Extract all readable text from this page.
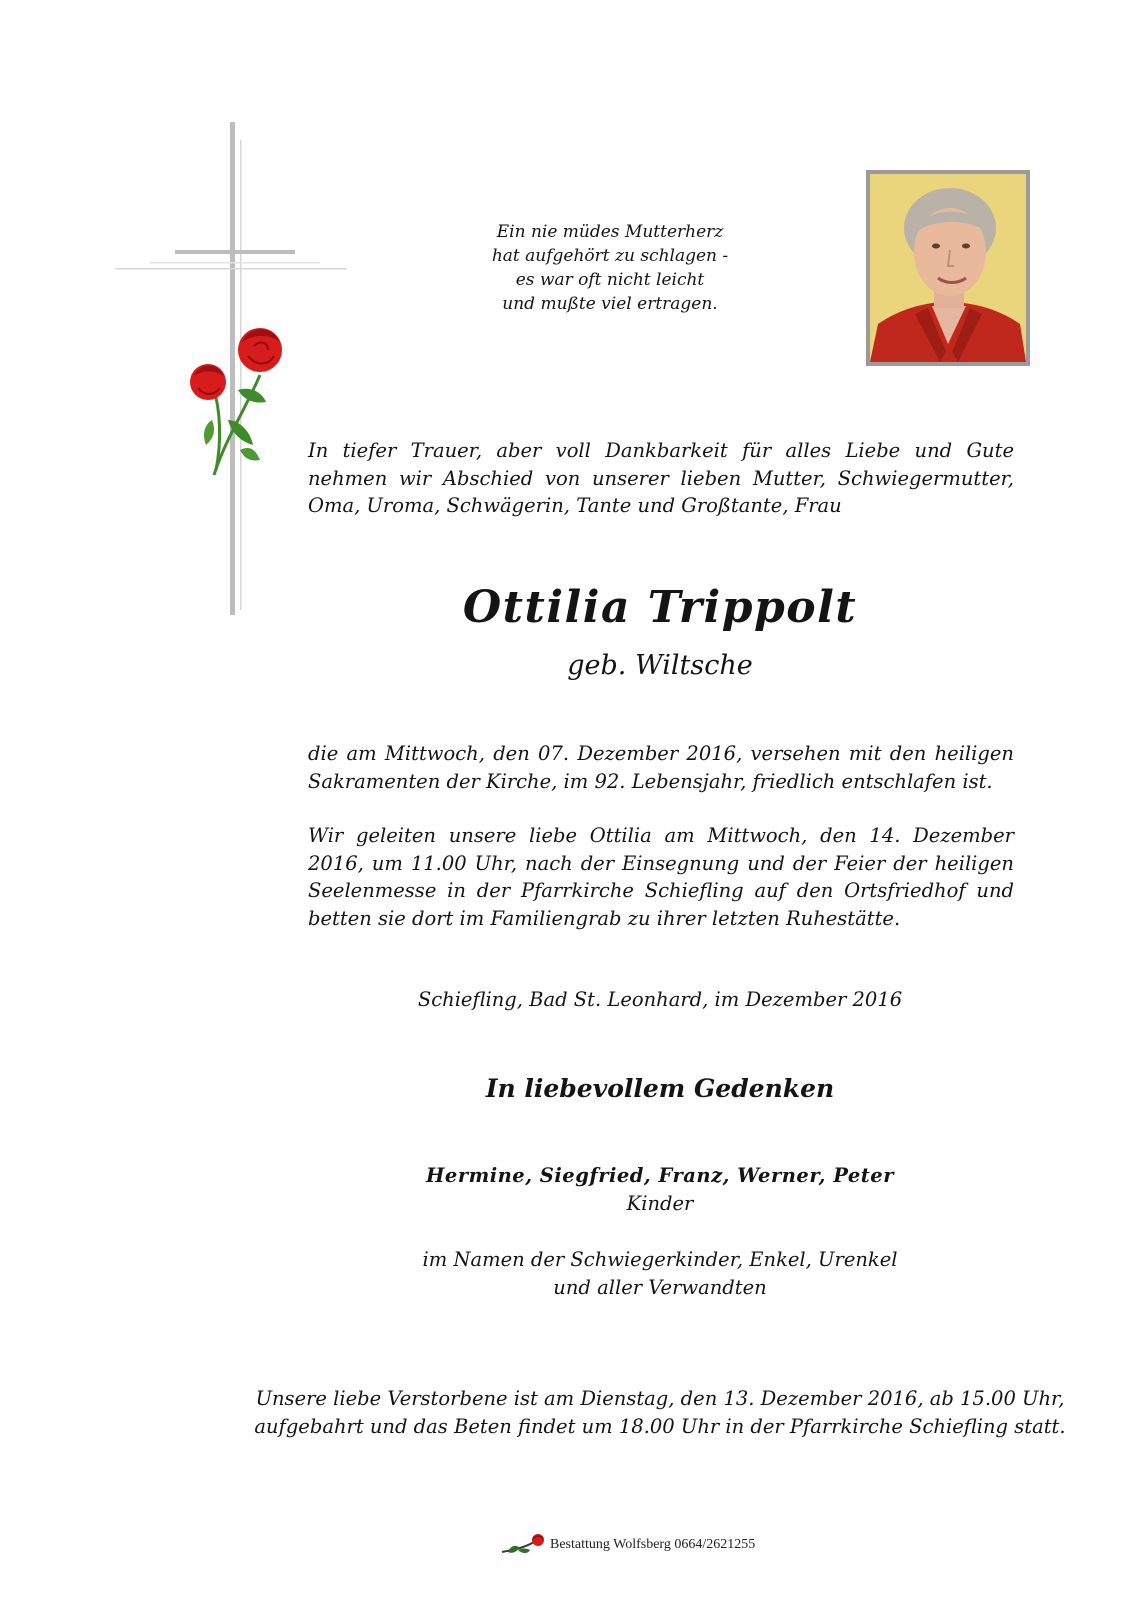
Ein nie müdes Mutterherz
hat aufgehört zu schlagen -
es war oft nicht leicht
und mußte viel ertragen.

In tiefer Trauer, aber voll Dankbarkeit für alles Liebe und Gute nehmen wir Abschied von unserer lieben Mutter, Schwiegermutter, Oma, Uroma, Schwägerin, Tante und Großtante, Frau

Ottilia Trippolt
geb. Wiltsche

die am Mittwoch, den 07. Dezember 2016, versehen mit den heiligen Sakramenten der Kirche, im 92. Lebensjahr, friedlich entschlafen ist.

Wir geleiten unsere liebe Ottilia am Mittwoch, den 14. Dezember 2016, um 11.00 Uhr, nach der Einsegnung und der Feier der heiligen Seelenmesse in der Pfarrkirche Schiefling auf den Ortsfriedhof und betten sie dort im Familiengrab zu ihrer letzten Ruhestätte.

Schiefling, Bad St. Leonhard, im Dezember 2016
In liebevollem Gedenken
Hermine, Siegfried, Franz, Werner, Peter
Kinder
im Namen der Schwiegerkinder, Enkel, Urenkel
und aller Verwandten
Unsere liebe Verstorbene ist am Dienstag, den 13. Dezember 2016, ab 15.00 Uhr,
aufgebahrt und das Beten findet um 18.00 Uhr in der Pfarrkirche Schiefling statt.
Bestattung Wolfsberg 0664/2621255
